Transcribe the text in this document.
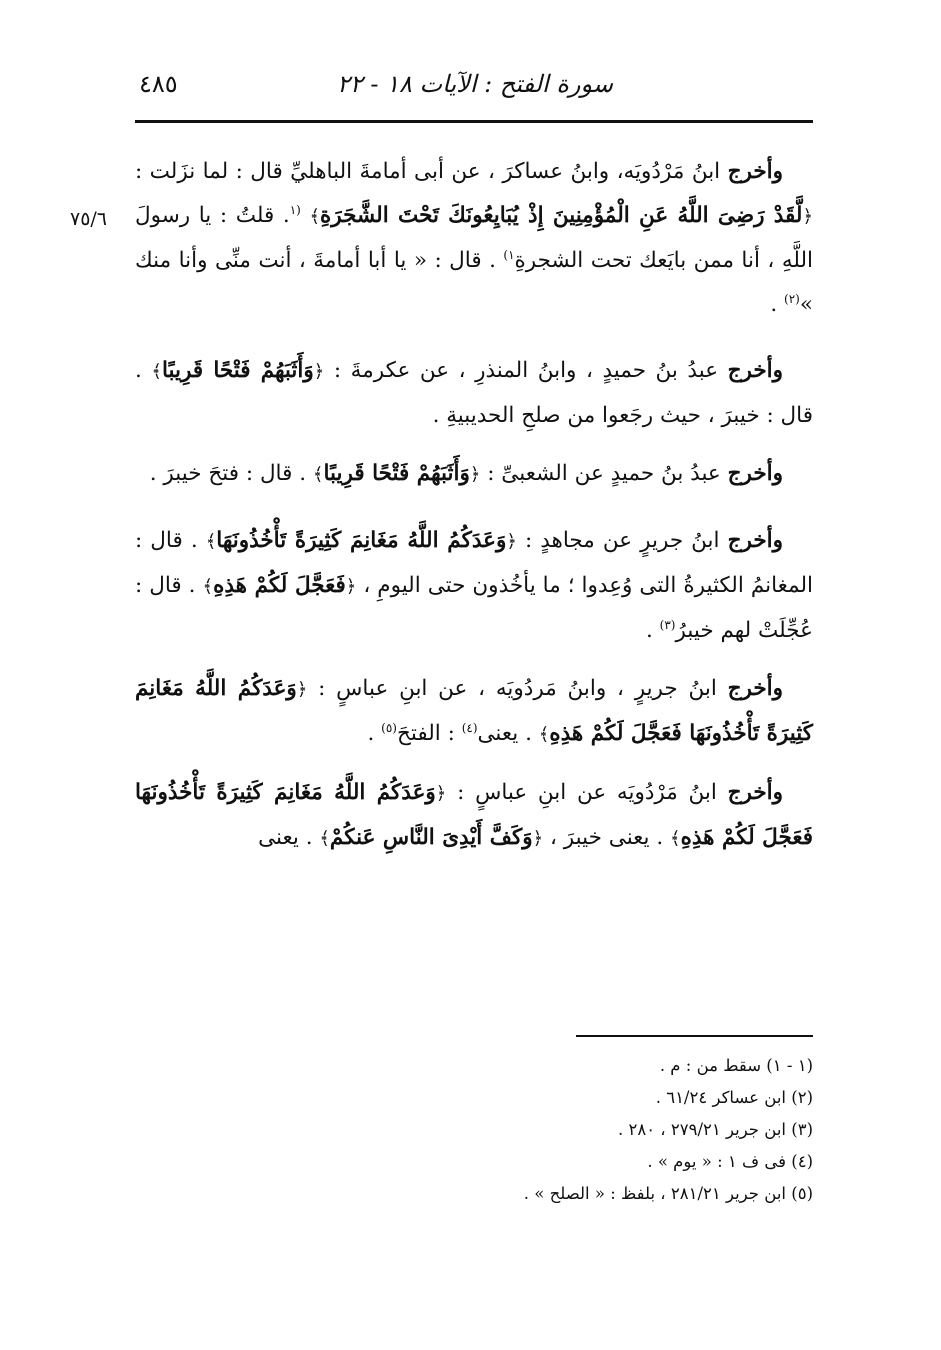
سورة الفتح : الآيات ١٨ - ٢٢
٤٨٥
٧٥/٦

وأخرج ابنُ مَرْدُويَه، وابنُ عساكرَ ، عن أبى أمامةَ الباهليِّ قال : لما نزَلت : ﴿لَّقَدْ رَضِىَ اللَّهُ عَنِ الْمُؤْمِنِينَ إِذْ يُبَايِعُونَكَ تَحْتَ الشَّجَرَةِ﴾ $^{(١}$. قلتُ : يا رسولَ اللَّهِ ، أنا ممن بايَعك تحت الشجرةِ$^{١)}$ . قال : « يا أبا أمامةَ ، أنت منِّى وأنا منك »$^{(٢)}$ .

وأخرج عبدُ بنُ حميدٍ ، وابنُ المنذرِ ، عن عكرمةَ : ﴿وَأَثَبَهُمْ فَتْحًا قَرِيبًا﴾ . قال : خيبرَ ، حيث رجَعوا من صلحِ الحديبيةِ .

وأخرج عبدُ بنُ حميدٍ عن الشعبىِّ : ﴿وَأَثَبَهُمْ فَتْحًا قَرِيبًا﴾ . قال : فتحَ خيبرَ .

وأخرج ابنُ جريرٍ عن مجاهدٍ : ﴿وَعَدَكُمُ اللَّهُ مَغَانِمَ كَثِيرَةً تَأْخُذُونَهَا﴾ . قال : المغانمُ الكثيرةُ التى وُعِدوا ؛ ما يأخُذون حتى اليومِ ، ﴿فَعَجَّلَ لَكُمْ هَذِهِ﴾ . قال : عُجِّلَتْ لهم خيبرُ$^{(٣)}$ .

وأخرج ابنُ جريرٍ ، وابنُ مَردُويَه ، عن ابنِ عباسٍ : ﴿وَعَدَكُمُ اللَّهُ مَغَانِمَ كَثِيرَةً تَأْخُذُونَهَا فَعَجَّلَ لَكُمْ هَذِهِ﴾ . يعنى$^{(٤)}$ : الفتحَ$^{(٥)}$ .

وأخرج ابنُ مَرْدُويَه عن ابنِ عباسٍ : ﴿وَعَدَكُمُ اللَّهُ مَغَانِمَ كَثِيرَةً تَأْخُذُونَهَا فَعَجَّلَ لَكُمْ هَذِهِ﴾ . يعنى خيبرَ ، ﴿وَكَفَّ أَيْدِىَ النَّاسِ عَنكُمْ﴾ . يعنى

(١ - ١) سقط من : م .

(٢) ابن عساكر ٦١/٢٤ .

(٣) ابن جرير ٢٧٩/٢١ ، ٢٨٠ .

(٤) فى ف ١ : « يوم » .

(٥) ابن جرير ٢٨١/٢١ ، بلفظ : « الصلح » .
